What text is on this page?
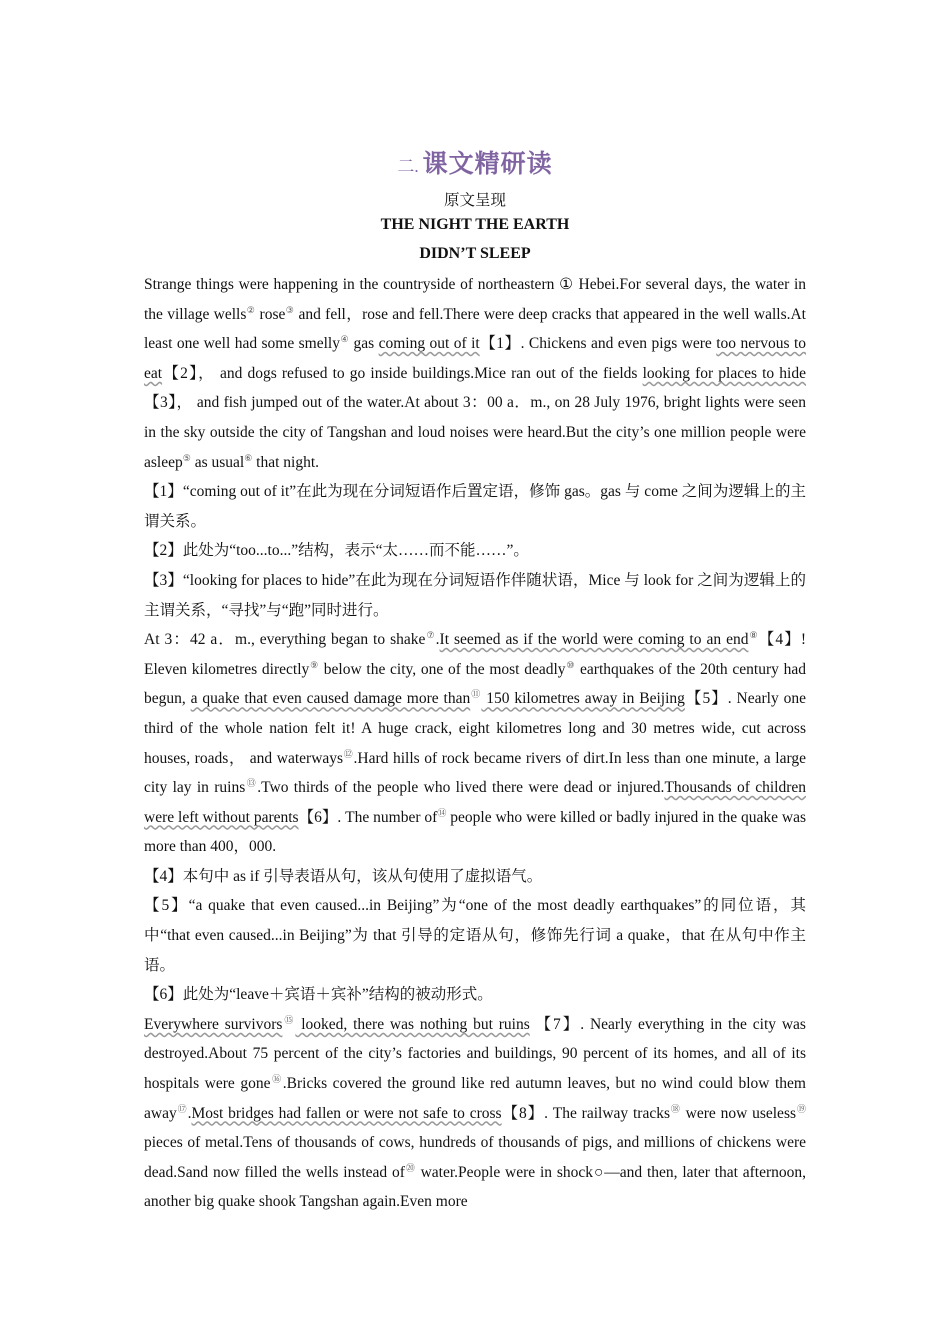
二. 课文精研读
原文呈现
THE NIGHT THE EARTH
DIDN’T SLEEP

Strange things were happening in the countryside of northeastern ① Hebei.For several days, the water in the village wells② rose③ and fell，rose and fell.There were deep cracks that appeared in the well walls.At least one well had some smelly④ gas coming out of it【1】. Chickens and even pigs were too nervous to eat【2】， and dogs refused to go inside buildings.Mice ran out of the fields looking for places to hide【3】， and fish jumped out of the water.At about 3：00 a．m., on 28 July 1976, bright lights were seen in the sky outside the city of Tangshan and loud noises were heard.But the city’s one million people were asleep⑤ as usual⑥ that night.

【1】“coming out of it”在此为现在分词短语作后置定语，修饰 gas。gas 与 come 之间为逻辑上的主谓关系。

【2】此处为“too...to...”结构，表示“太……而不能……”。

【3】“looking for places to hide”在此为现在分词短语作伴随状语，Mice 与 look for 之间为逻辑上的主谓关系，“寻找”与“跑”同时进行。

At 3：42 a．m., everything began to shake⑦.It seemed as if the world were coming to an end⑧【4】! Eleven kilometres directly⑨ below the city, one of the most deadly⑩ earthquakes of the 20th century had begun, a quake that even caused damage more than⑪ 150 kilometres away in Beijing【5】. Nearly one third of the whole nation felt it! A huge crack, eight kilometres long and 30 metres wide, cut across houses, roads， and waterways⑫.Hard hills of rock became rivers of dirt.In less than one minute, a large city lay in ruins⑬.Two thirds of the people who lived there were dead or injured.Thousands of children were left without parents【6】. The number of⑭ people who were killed or badly injured in the quake was more than 400，000.

【4】本句中 as if 引导表语从句，该从句使用了虚拟语气。

【5】“a quake that even caused...in Beijing”为“one of the most deadly earthquakes”的同位语，其中“that even caused...in Beijing”为 that 引导的定语从句，修饰先行词 a quake，that 在从句中作主语。

【6】此处为“leave＋宾语＋宾补”结构的被动形式。

Everywhere survivors⑮ looked, there was nothing but ruins 【7】. Nearly everything in the city was destroyed.About 75 percent of the city’s factories and buildings, 90 percent of its homes, and all of its hospitals were gone⑯.Bricks covered the ground like red autumn leaves, but no wind could blow them away⑰.Most bridges had fallen or were not safe to cross【8】. The railway tracks⑱ were now useless⑲ pieces of metal.Tens of thousands of cows, hundreds of thousands of pigs, and millions of chickens were dead.Sand now filled the wells instead of⑳ water.People were in shock○—and then, later that afternoon, another big quake shook Tangshan again.Even more
